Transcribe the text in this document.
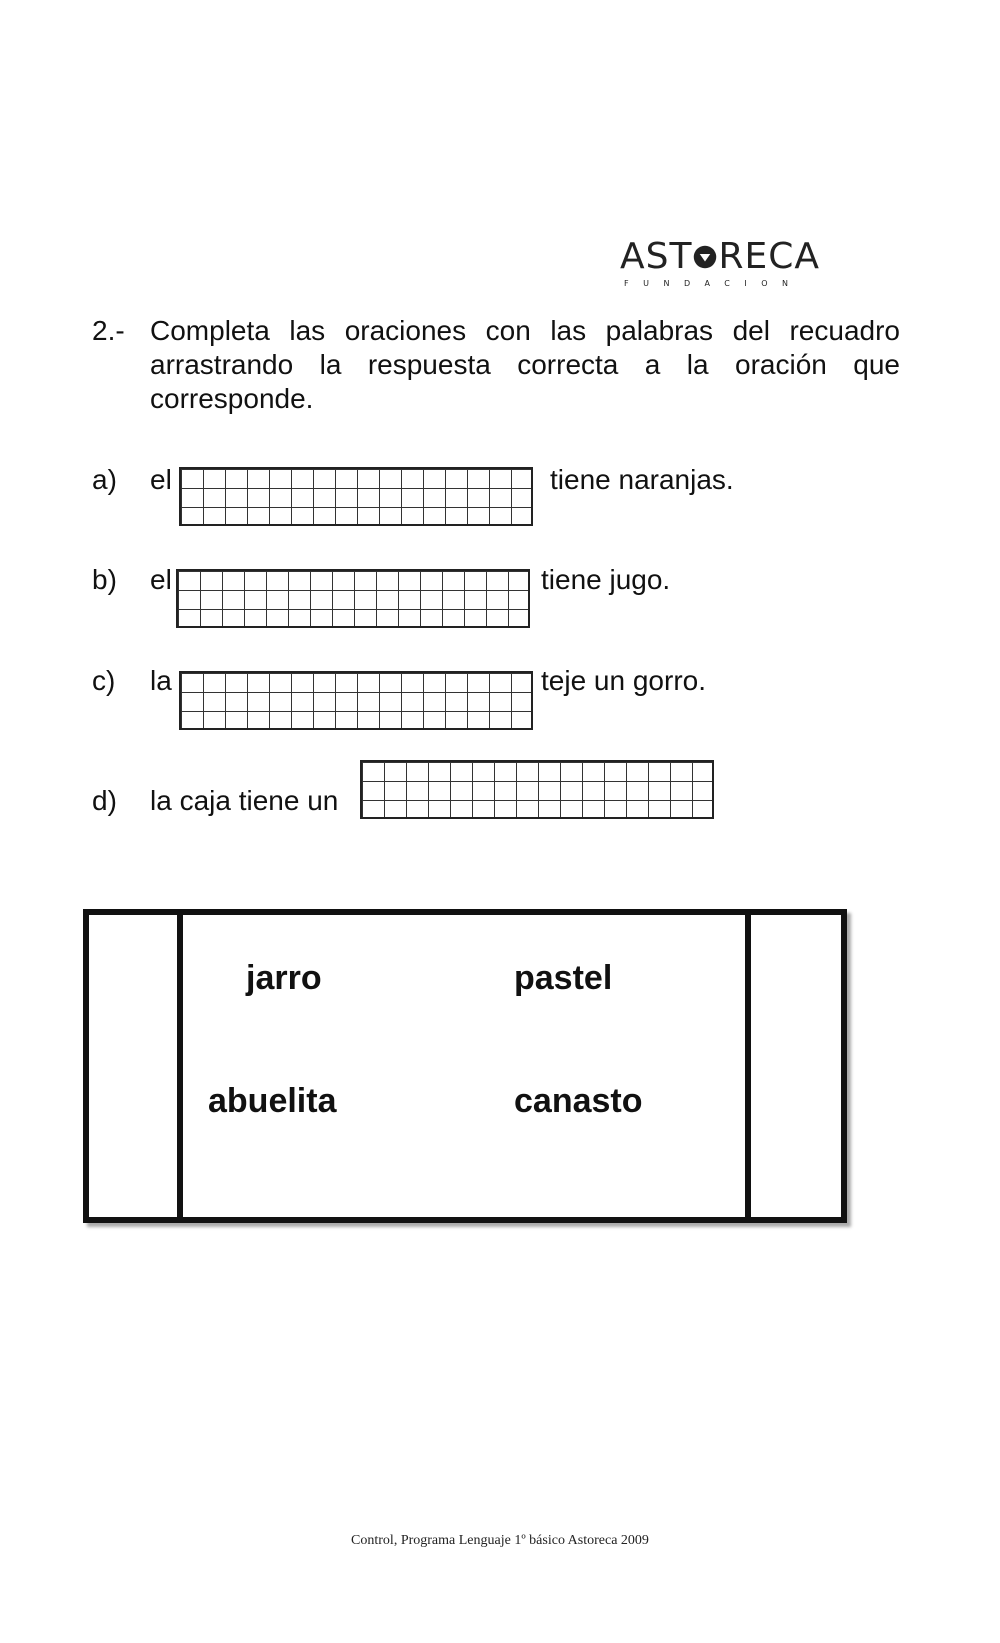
AST RECA
FUNDACION
2.- Completa las oraciones con las palabras del recuadro arrastrando la respuesta correcta a la oración que corresponde.
a) el	tiene naranjas.
b) el	tiene jugo.
c) la	teje un gorro.
d) la caja tiene un
jarro	pastel
abuelita	canasto
Control, Programa Lenguaje 1º básico Astoreca 2009
